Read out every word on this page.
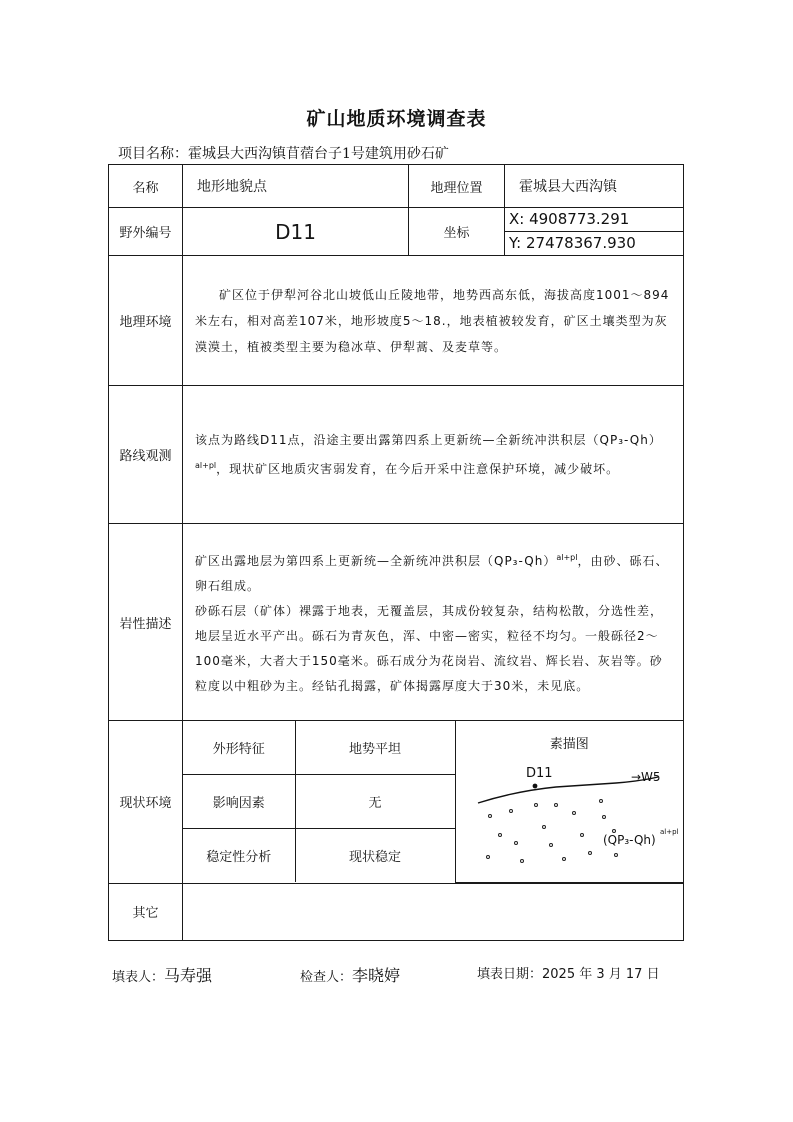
矿山地质环境调查表
项目名称：霍城县大西沟镇苜蓿台子1号建筑用砂石矿
名称	地形地貌点	地理位置	霍城县大西沟镇
野外编号	D11	坐标	
X: 4908773.291
Y: 27478367.930

地理环境	

矿区位于伊犁河谷北山坡低山丘陵地带，地势西高东低，海拔高度1001～894米左右，相对高差107米，地形坡度5～18.，地表植被较发育，矿区土壤类型为灰漠漠土，植被类型主要为稳冰草、伊犁蒿、及麦草等。

路线观测	

该点为路线D11点，沿途主要出露第四系上更新统—全新统冲洪积层$(QP_3-Qh)^{al+pl}$，现状矿区地质灾害弱发育，在今后开采中注意保护环境，减少破坏。

岩性描述	

矿区出露地层为第四系上更新统—全新统冲洪积层$(QP_3-Qh)^{al+pl}$，由砂、砾石、卵石组成。

砂砾石层（矿体）裸露于地表，无覆盖层，其成份较复杂，结构松散，分选性差，地层呈近水平产出。砾石为青灰色，浑、中密—密实，粒径不均匀。一般砾径2～100毫米，大者大于150毫米。砾石成分为花岗岩、流纹岩、辉长岩、灰岩等。砂粒度以中粗砂为主。经钻孔揭露，矿体揭露厚度大于30米，未见底。

现状环境	
外形特征	地势平坦	素描图
D11	→W5
(QP₃-Qh)
al+pl

影响因素	无
稳定性分析	现状稳定

其它	
填表人：马寿强	检查人：李晓婷	填表日期：2025 年 3 月 17 日
